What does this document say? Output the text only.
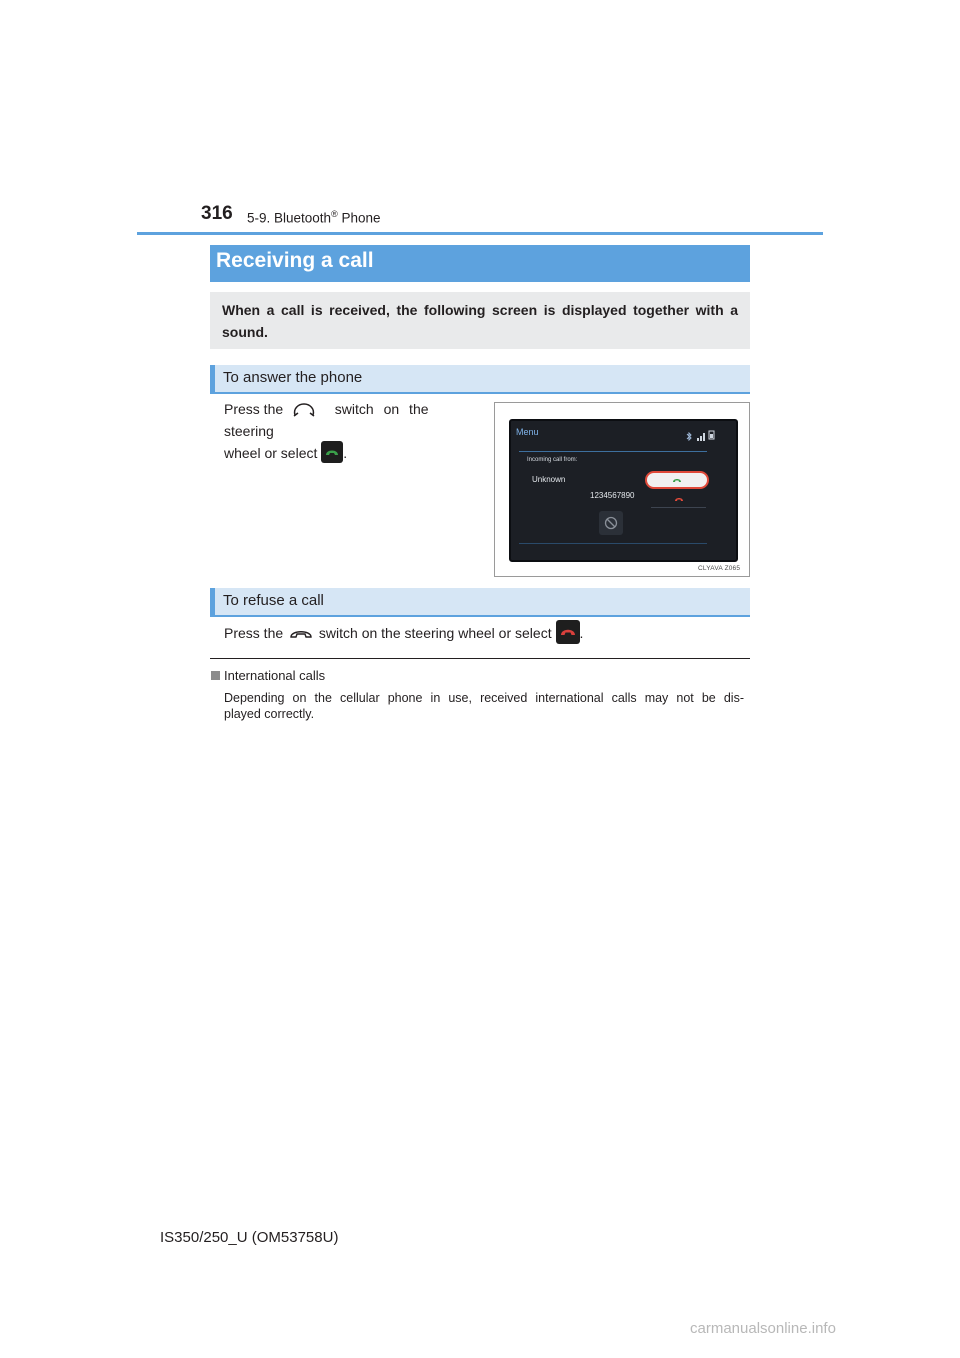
316 5-9. Bluetooth® Phone
Receiving a call
When a call is received, the following screen is displayed together with a sound.
To answer the phone
Press the	switch on the steering
wheel or select .
Menu
Incoming call from:
Unknown
1234567890
CLYAVA Z065
To refuse a call
Press the	switch on the steering wheel or select .
International calls
Depending on the cellular phone in use, received international calls may not be dis-
played correctly.
IS350/250_U (OM53758U)
carmanualsonline.info
